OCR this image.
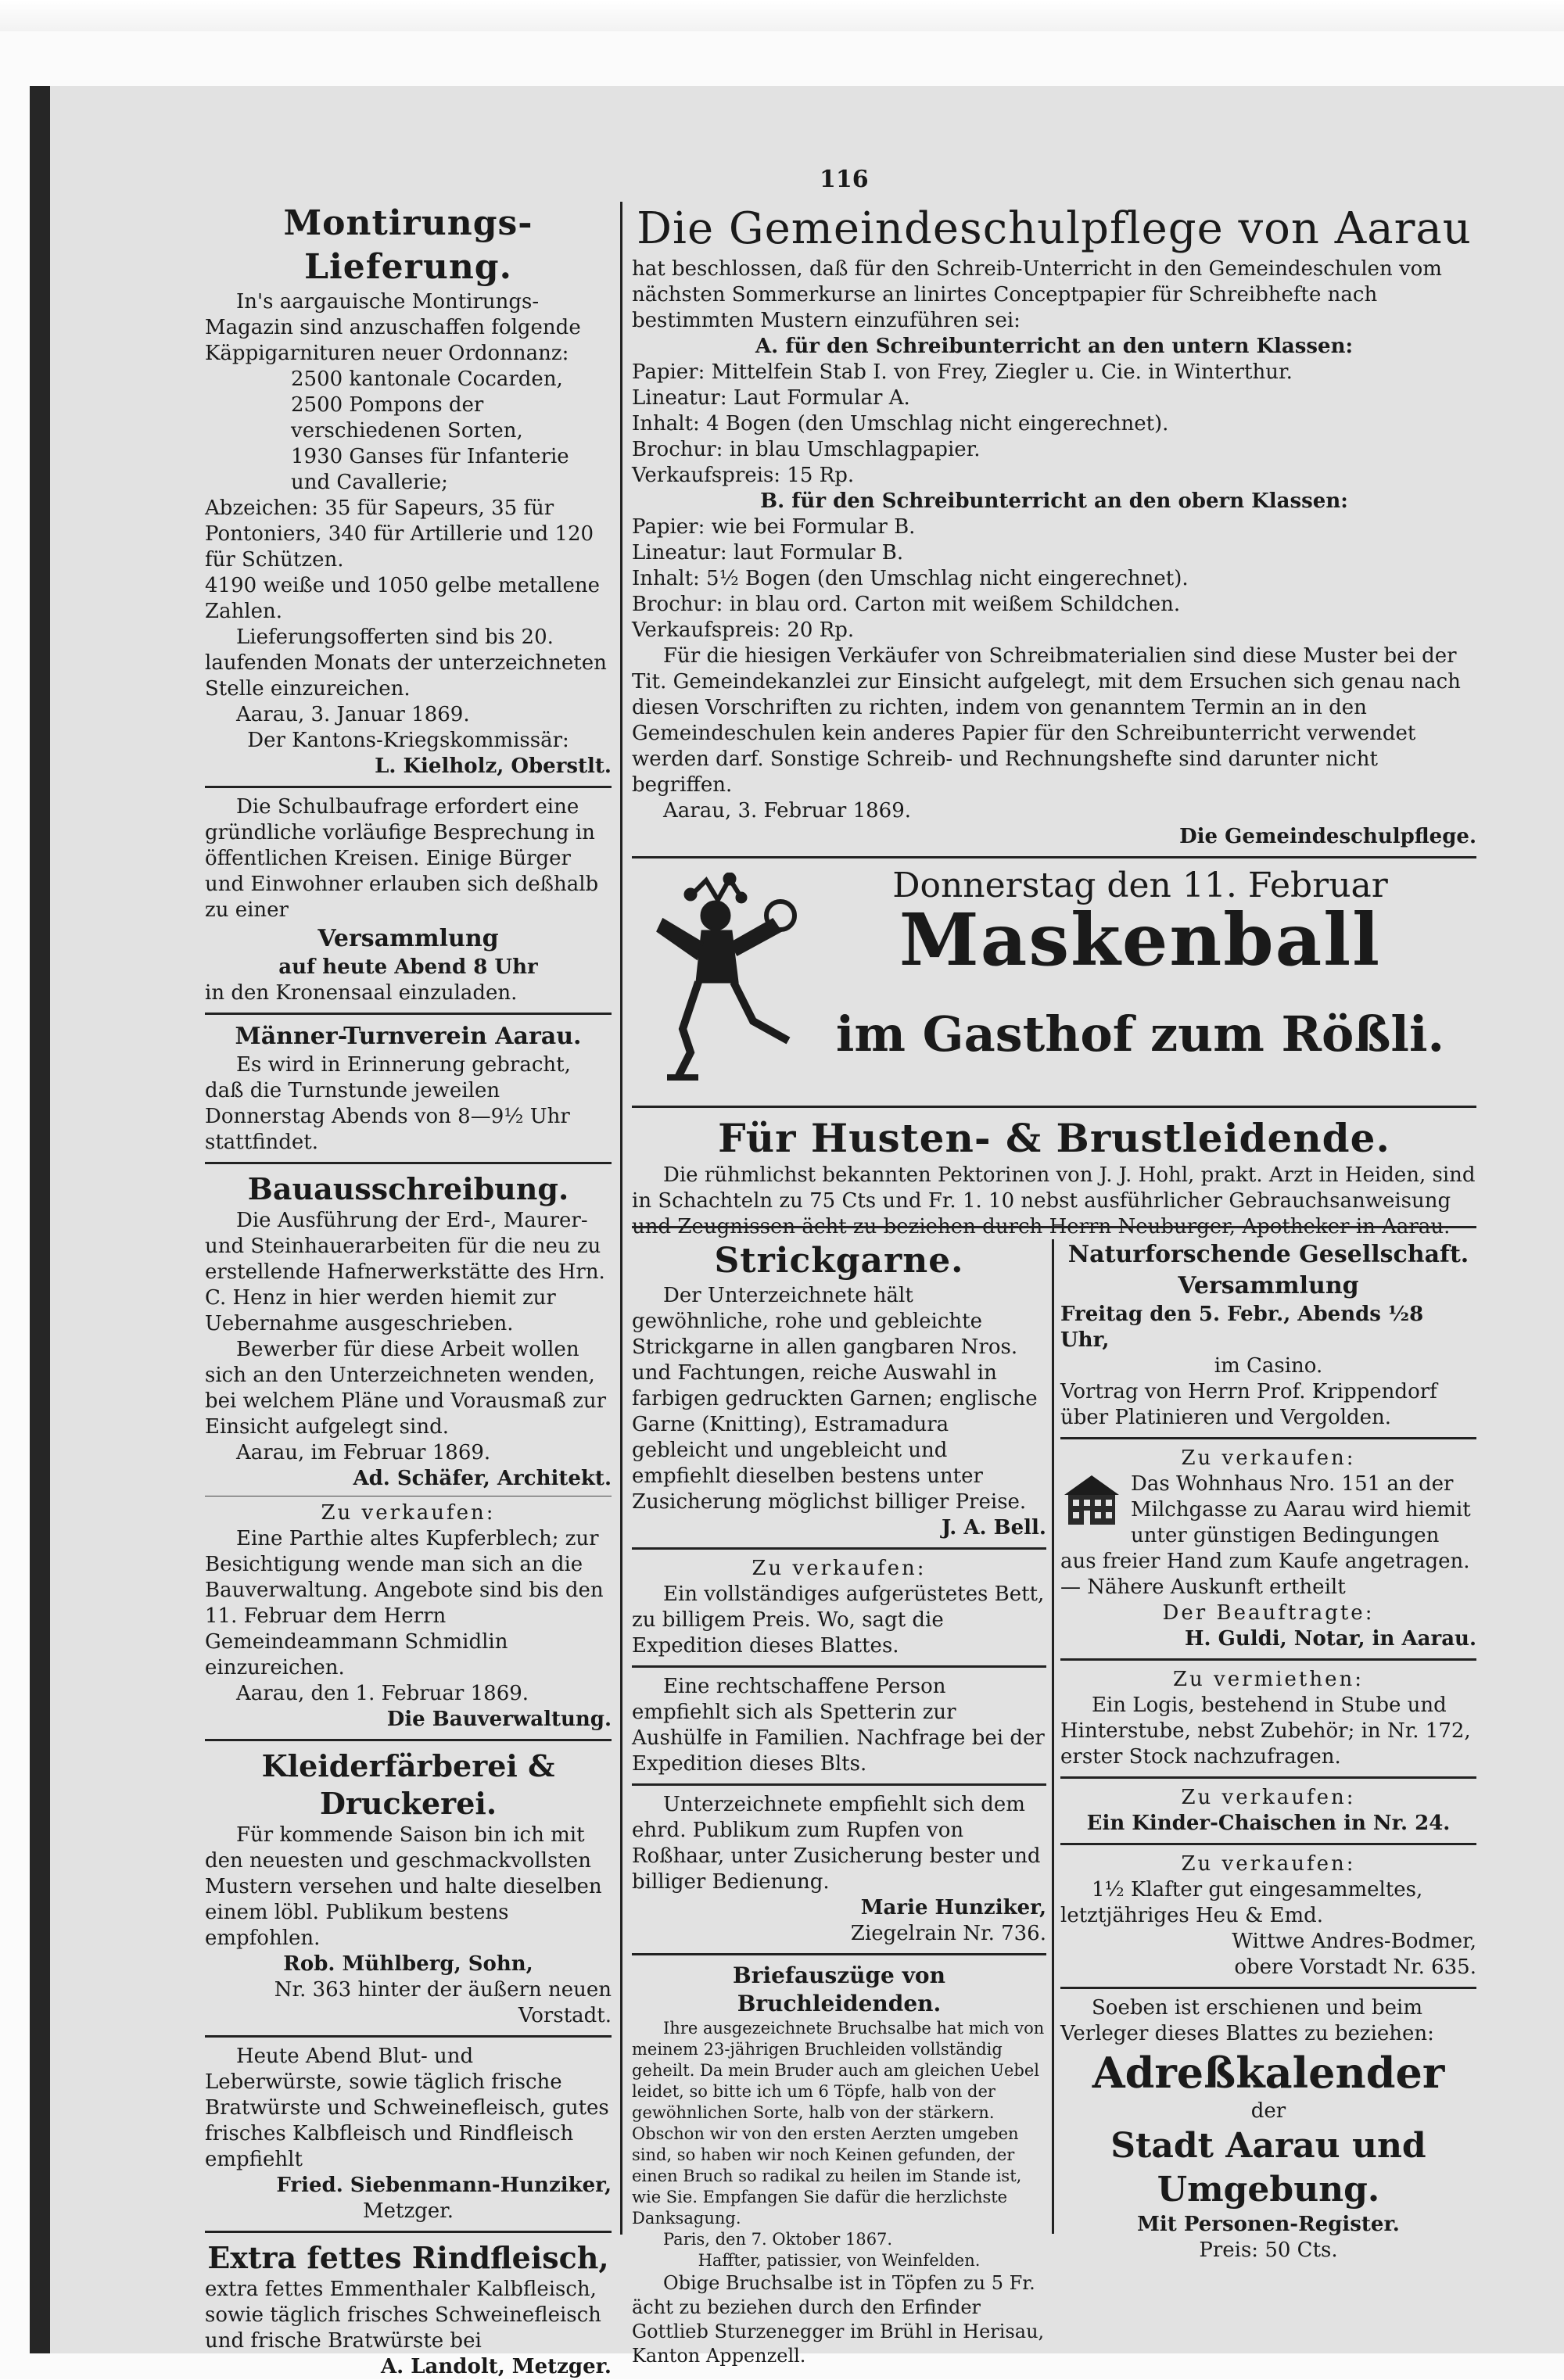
116
Montirungs-Lieferung.

In's aargauische Montirungs-Magazin sind anzuschaffen folgende Käppigarnituren neuer Ordonnanz:

2500 kantonale Cocarden,

2500 Pompons der verschiedenen Sorten,

1930 Ganses für Infanterie und Cavallerie;

Abzeichen: 35 für Sapeurs, 35 für Pontoniers, 340 für Artillerie und 120 für Schützen.

4190 weiße und 1050 gelbe metallene Zahlen.

Lieferungsofferten sind bis 20. laufenden Monats der unterzeichneten Stelle einzureichen.

Aarau, 3. Januar 1869.

Der Kantons-Kriegskommissär:

L. Kielholz, Oberstlt.

Die Schulbaufrage erfordert eine gründliche vorläufige Besprechung in öffentlichen Kreisen. Einige Bürger und Einwohner erlauben sich deßhalb zu einer

Versammlung

auf heute Abend 8 Uhr

in den Kronensaal einzuladen.

Männer-Turnverein Aarau.

Es wird in Erinnerung gebracht, daß die Turnstunde jeweilen Donnerstag Abends von 8—9½ Uhr stattfindet.

Bauausschreibung.

Die Ausführung der Erd-, Maurer- und Steinhauerarbeiten für die neu zu erstellende Hafnerwerkstätte des Hrn. C. Henz in hier werden hiemit zur Uebernahme ausgeschrieben.

Bewerber für diese Arbeit wollen sich an den Unterzeichneten wenden, bei welchem Pläne und Vorausmaß zur Einsicht aufgelegt sind.

Aarau, im Februar 1869.

Ad. Schäfer, Architekt.

Zu verkaufen:

Eine Parthie altes Kupferblech; zur Besichtigung wende man sich an die Bauverwaltung. Angebote sind bis den 11. Februar dem Herrn Gemeindeammann Schmidlin einzureichen.

Aarau, den 1. Februar 1869.

Die Bauverwaltung.

Kleiderfärberei & Druckerei.

Für kommende Saison bin ich mit den neuesten und geschmackvollsten Mustern versehen und halte dieselben einem löbl. Publikum bestens empfohlen.

Rob. Mühlberg, Sohn,

Nr. 363 hinter der äußern neuen Vorstadt.

Heute Abend Blut- und Leberwürste, sowie täglich frische Bratwürste und Schweinefleisch, gutes frisches Kalbfleisch und Rindfleisch empfiehlt

Fried. Siebenmann-Hunziker,

Metzger.

Extra fettes Rindfleisch,

extra fettes Emmenthaler Kalbfleisch, sowie täglich frisches Schweinefleisch und frische Bratwürste bei

A. Landolt, Metzger.

Die Gemeindeschulpflege von Aarau

hat beschlossen, daß für den Schreib-Unterricht in den Gemeindeschulen vom nächsten Sommerkurse an linirtes Conceptpapier für Schreibhefte nach bestimmten Mustern einzuführen sei:

A. für den Schreibunterricht an den untern Klassen:

Papier: Mittelfein Stab I. von Frey, Ziegler u. Cie. in Winterthur.

Lineatur: Laut Formular A.

Inhalt: 4 Bogen (den Umschlag nicht eingerechnet).

Brochur: in blau Umschlagpapier.

Verkaufspreis: 15 Rp.

B. für den Schreibunterricht an den obern Klassen:

Papier: wie bei Formular B.

Lineatur: laut Formular B.

Inhalt: 5½ Bogen (den Umschlag nicht eingerechnet).

Brochur: in blau ord. Carton mit weißem Schildchen.

Verkaufspreis: 20 Rp.

Für die hiesigen Verkäufer von Schreibmaterialien sind diese Muster bei der Tit. Gemeindekanzlei zur Einsicht aufgelegt, mit dem Ersuchen sich genau nach diesen Vorschriften zu richten, indem von genanntem Termin an in den Gemeindeschulen kein anderes Papier für den Schreibunterricht verwendet werden darf. Sonstige Schreib- und Rechnungshefte sind darunter nicht begriffen.

Aarau, 3. Februar 1869.

Die Gemeindeschulpflege.

Donnerstag den 11. Februar
Maskenball
im Gasthof zum Rößli.
Für Husten- & Brustleidende.

Die rühmlichst bekannten Pektorinen von J. J. Hohl, prakt. Arzt in Heiden, sind in Schachteln zu 75 Cts und Fr. 1. 10 nebst ausführlicher Gebrauchsanweisung und Zeugnissen ächt zu beziehen durch Herrn Neuburger, Apotheker in Aarau.

Strickgarne.

Der Unterzeichnete hält gewöhnliche, rohe und gebleichte Strickgarne in allen gangbaren Nros. und Fachtungen, reiche Auswahl in farbigen gedruckten Garnen; englische Garne (Knitting), Estramadura gebleicht und ungebleicht und empfiehlt dieselben bestens unter Zusicherung möglichst billiger Preise.

J. A. Bell.

Zu verkaufen:

Ein vollständiges aufgerüstetes Bett, zu billigem Preis. Wo, sagt die Expedition dieses Blattes.

Eine rechtschaffene Person empfiehlt sich als Spetterin zur Aushülfe in Familien. Nachfrage bei der Expedition dieses Blts.

Unterzeichnete empfiehlt sich dem ehrd. Publikum zum Rupfen von Roßhaar, unter Zusicherung bester und billiger Bedienung.

Marie Hunziker,

Ziegelrain Nr. 736.

Briefauszüge von Bruchleidenden.

Ihre ausgezeichnete Bruchsalbe hat mich von meinem 23-jährigen Bruchleiden vollständig geheilt. Da mein Bruder auch am gleichen Uebel leidet, so bitte ich um 6 Töpfe, halb von der gewöhnlichen Sorte, halb von der stärkern. Obschon wir von den ersten Aerzten umgeben sind, so haben wir noch Keinen gefunden, der einen Bruch so radikal zu heilen im Stande ist, wie Sie. Empfangen Sie dafür die herzlichste Danksagung.

Paris, den 7. Oktober 1867.

Haffter, patissier, von Weinfelden.

Obige Bruchsalbe ist in Töpfen zu 5 Fr. ächt zu beziehen durch den Erfinder Gottlieb Sturzenegger im Brühl in Herisau, Kanton Appenzell.

Naturforschende Gesellschaft.
Versammlung

Freitag den 5. Febr., Abends ½8 Uhr,

im Casino.

Vortrag von Herrn Prof. Krippendorf über Platinieren und Vergolden.

Zu verkaufen:

Das Wohnhaus Nro. 151 an der Milchgasse zu Aarau wird hiemit unter günstigen Bedingungen aus freier Hand zum Kaufe angetragen. — Nähere Auskunft ertheilt

Der Beauftragte:

H. Guldi, Notar, in Aarau.

Zu vermiethen:

Ein Logis, bestehend in Stube und Hinterstube, nebst Zubehör; in Nr. 172, erster Stock nachzufragen.

Zu verkaufen:

Ein Kinder-Chaischen in Nr. 24.

Zu verkaufen:

1½ Klafter gut eingesammeltes, letztjähriges Heu & Emd.

Wittwe Andres-Bodmer,

obere Vorstadt Nr. 635.

Soeben ist erschienen und beim Verleger dieses Blattes zu beziehen:

Adreßkalender

der

Stadt Aarau und Umgebung.

Mit Personen-Register.

Preis: 50 Cts.
